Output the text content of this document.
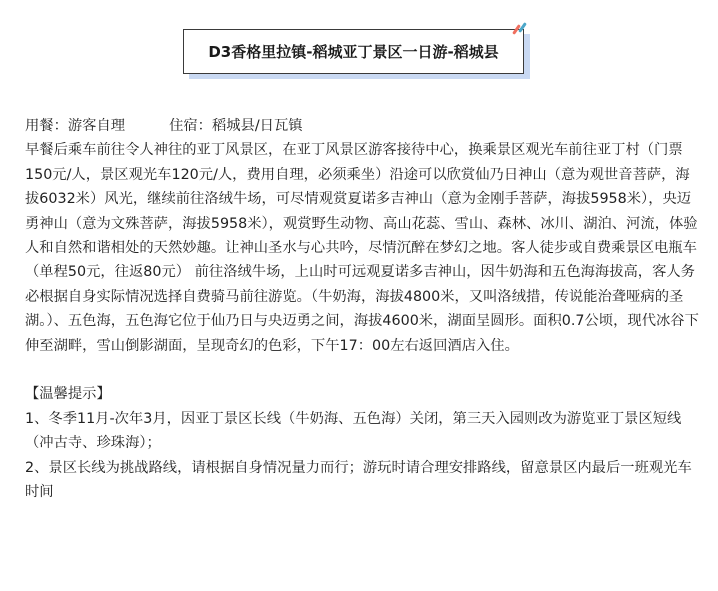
D3香格里拉镇-稻城亚丁景区一日游-稻城县

用餐：游客自理	住宿：稻城县/日瓦镇

早餐后乘车前往令人神往的亚丁风景区，在亚丁风景区游客接待中心，换乘景区观光车前往亚丁村（门票150元/人，景区观光车120元/人，费用自理，必须乘坐）沿途可以欣赏仙乃日神山（意为观世音菩萨，海拔6032米）风光，继续前往洛绒牛场，可尽情观赏夏诺多吉神山（意为金刚手菩萨，海拔5958米），央迈勇神山（意为文殊菩萨，海拔5958米），观赏野生动物、高山花蕊、雪山、森林、冰川、湖泊、河流，体验人和自然和谐相处的天然妙趣。让神山圣水与心共吟，尽情沉醉在梦幻之地。客人徒步或自费乘景区电瓶车（单程50元，往返80元） 前往洛绒牛场，上山时可远观夏诺多吉神山，因牛奶海和五色海海拔高，客人务必根据自身实际情况选择自费骑马前往游览。（牛奶海，海拔4800米，又叫洛绒措，传说能治聋哑病的圣湖。）、五色海，五色海它位于仙乃日与央迈勇之间，海拔4600米，湖面呈圆形。面积0.7公顷，现代冰谷下伸至湖畔，雪山倒影湖面，呈现奇幻的色彩，下午17：00左右返回酒店入住。

【温馨提示】

1、冬季11月-次年3月，因亚丁景区长线（牛奶海、五色海）关闭，第三天入园则改为游览亚丁景区短线（冲古寺、珍珠海）；

2、景区长线为挑战路线，请根据自身情况量力而行；游玩时请合理安排路线，留意景区内最后一班观光车时间
